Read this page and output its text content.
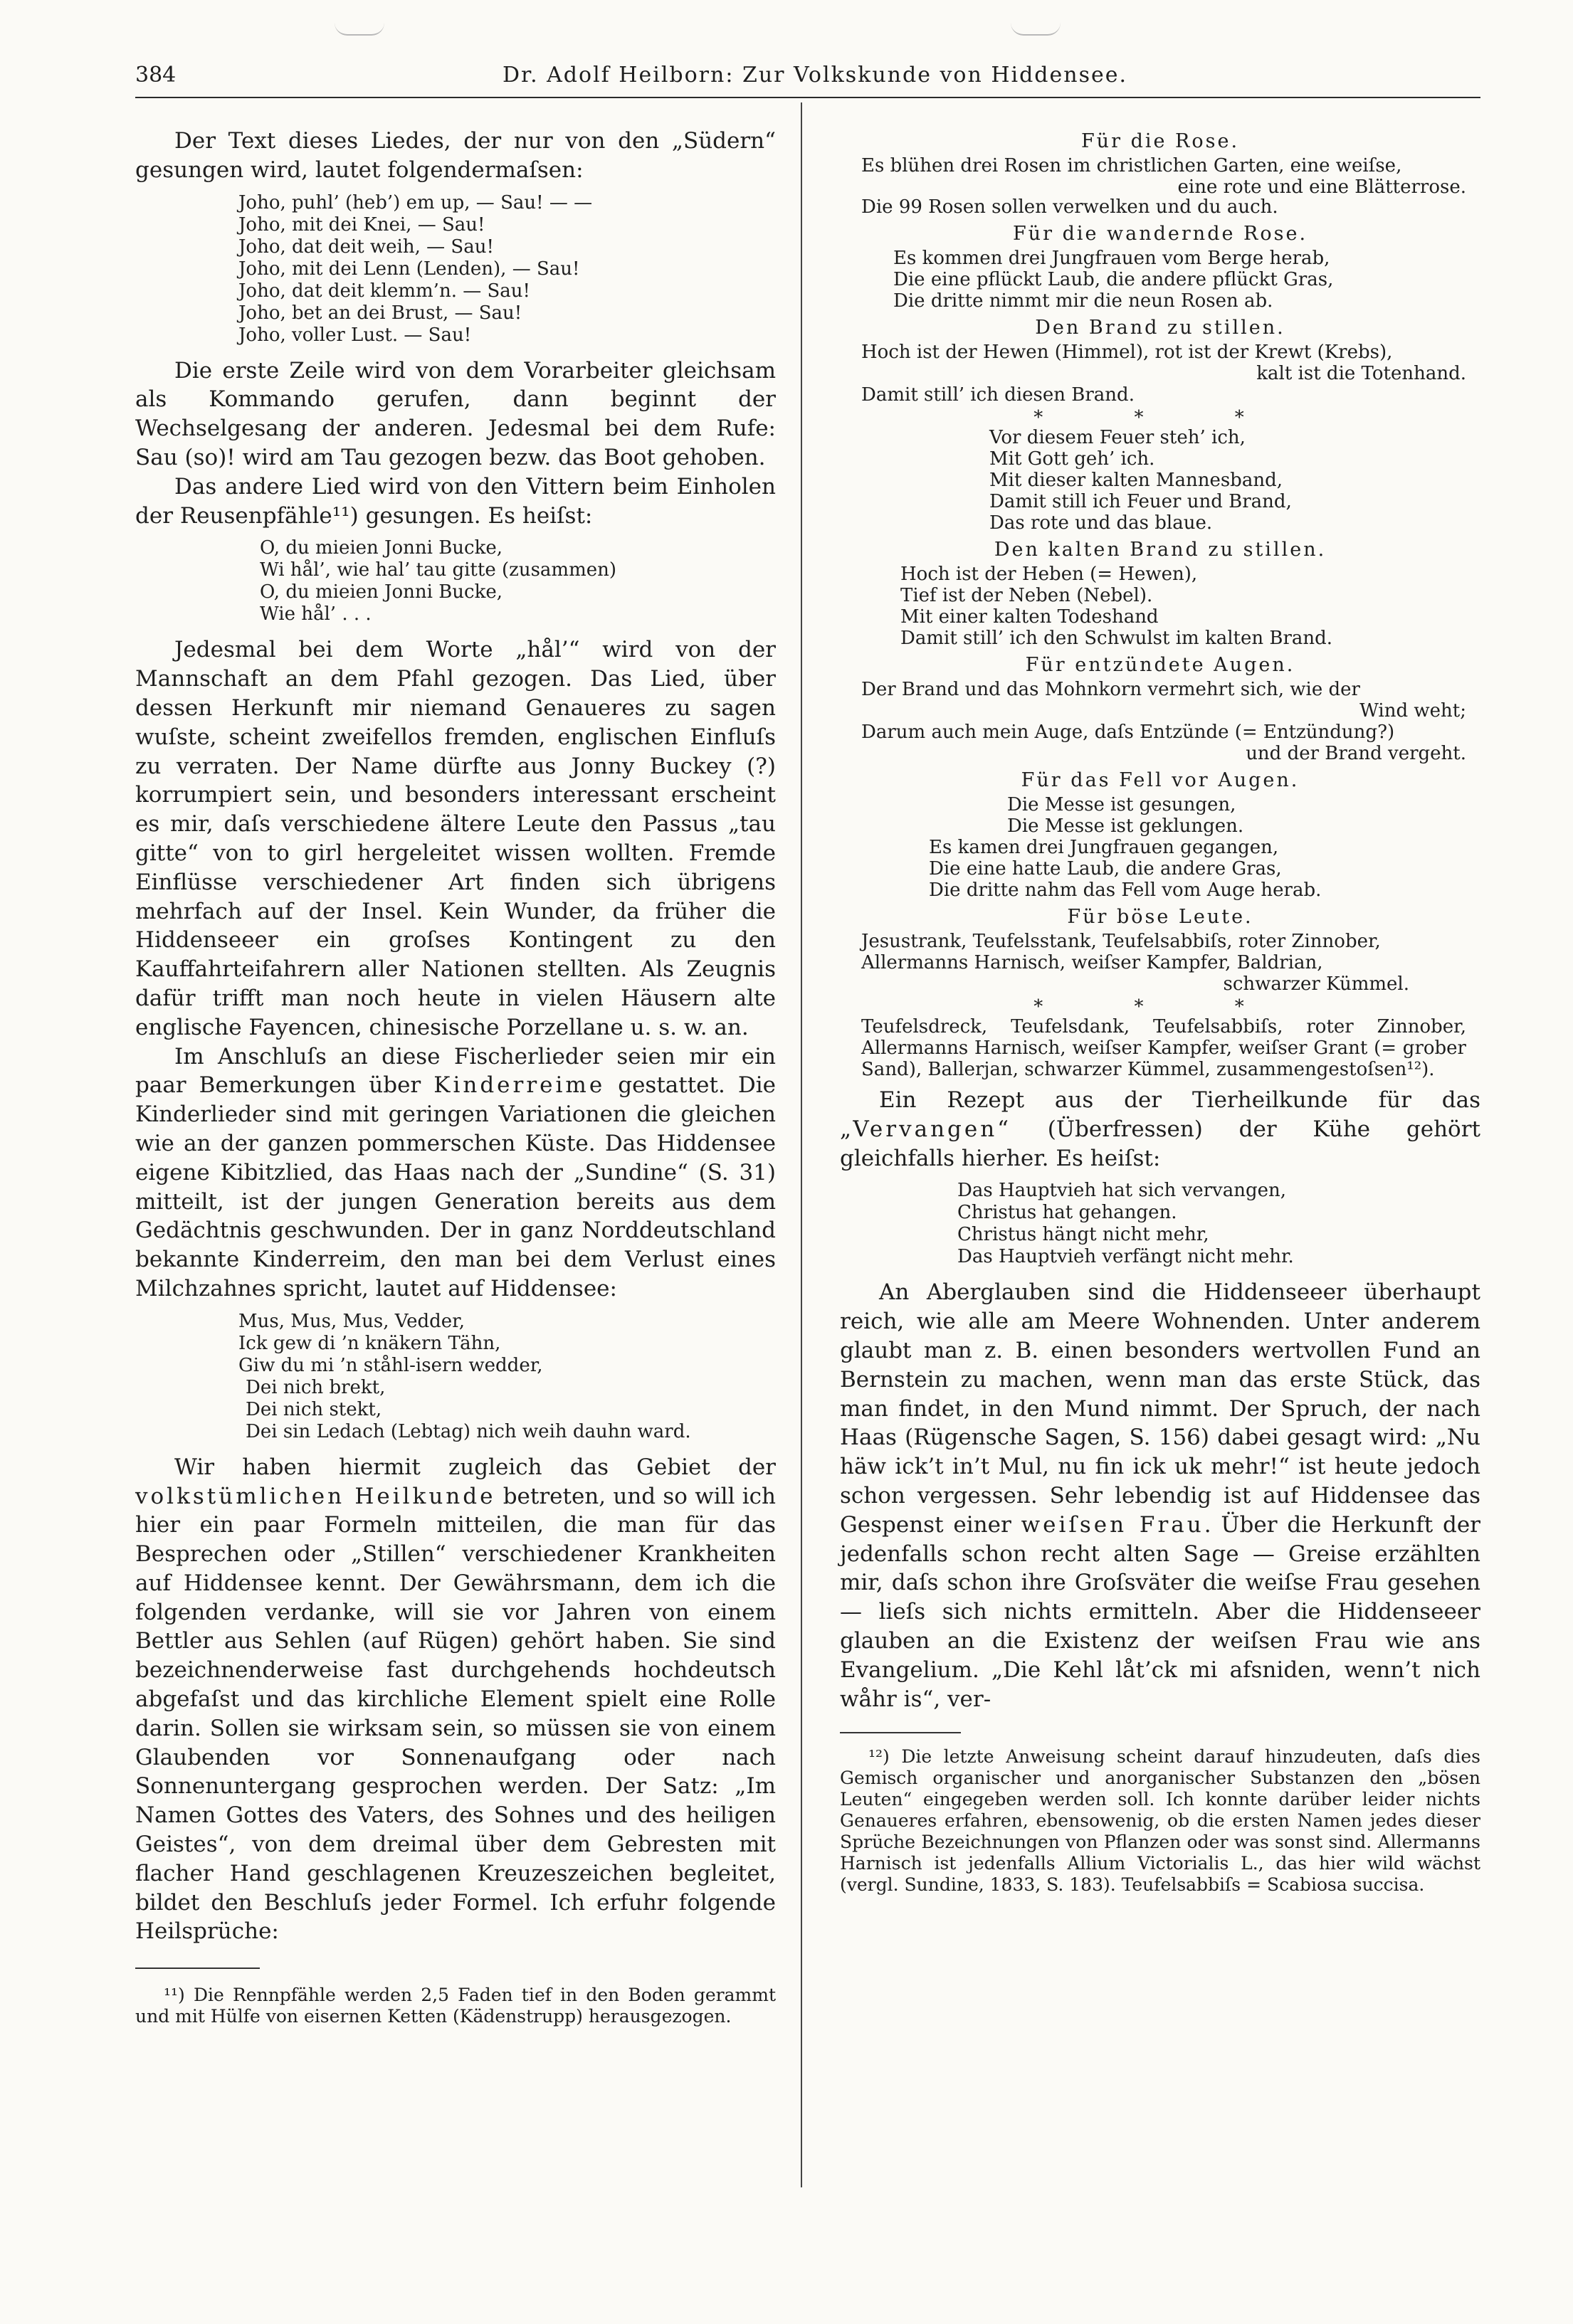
384	Dr. Adolf Heilborn: Zur Volkskunde von Hiddensee.

Der Text dieses Liedes, der nur von den „Südern“ gesungen wird, lautet folgendermaſsen:

Joho, puhl’ (heb’) em up, — Sau! — —
Joho, mit dei Knei, — Sau!
Joho, dat deit weih, — Sau!
Joho, mit dei Lenn (Lenden), — Sau!
Joho, dat deit klemm’n. — Sau!
Joho, bet an dei Brust, — Sau!
Joho, voller Lust. — Sau!

Die erste Zeile wird von dem Vorarbeiter gleichsam als Kommando gerufen, dann beginnt der Wechselgesang der anderen. Jedesmal bei dem Rufe: Sau (so)! wird am Tau gezogen bezw. das Boot gehoben.

Das andere Lied wird von den Vittern beim Einholen der Reusenpfähle¹¹) gesungen. Es heiſst:

O, du mieien Jonni Bucke,
Wi hål’, wie hal’ tau gitte (zusammen)
O, du mieien Jonni Bucke,
Wie hål’ . . .

Jedesmal bei dem Worte „hål’“ wird von der Mannschaft an dem Pfahl gezogen. Das Lied, über dessen Herkunft mir niemand Genaueres zu sagen wuſste, scheint zweifellos fremden, englischen Einfluſs zu verraten. Der Name dürfte aus Jonny Buckey (?) korrumpiert sein, und besonders interessant erscheint es mir, daſs verschiedene ältere Leute den Passus „tau gitte“ von to girl hergeleitet wissen wollten. Fremde Einflüsse verschiedener Art finden sich übrigens mehrfach auf der Insel. Kein Wunder, da früher die Hiddenseeer ein groſses Kontingent zu den Kauffahrteifahrern aller Nationen stellten. Als Zeugnis dafür trifft man noch heute in vielen Häusern alte englische Fayencen, chinesische Porzellane u. s. w. an.

Im Anschluſs an diese Fischerlieder seien mir ein paar Bemerkungen über Kinderreime gestattet. Die Kinderlieder sind mit geringen Variationen die gleichen wie an der ganzen pommerschen Küste. Das Hiddensee eigene Kibitzlied, das Haas nach der „Sundine“ (S. 31) mitteilt, ist der jungen Generation bereits aus dem Gedächtnis geschwunden. Der in ganz Norddeutschland bekannte Kinderreim, den man bei dem Verlust eines Milchzahnes spricht, lautet auf Hiddensee:

Mus, Mus, Mus, Vedder,
Ick gew di ’n knäkern Tähn,
Giw du mi ’n ståhl-isern wedder,
Dei nich brekt,
Dei nich stekt,
Dei sin Ledach (Lebtag) nich weih dauhn ward.

Wir haben hiermit zugleich das Gebiet der volkstümlichen Heilkunde betreten, und so will ich hier ein paar Formeln mitteilen, die man für das Besprechen oder „Stillen“ verschiedener Krankheiten auf Hiddensee kennt. Der Gewährsmann, dem ich die folgenden verdanke, will sie vor Jahren von einem Bettler aus Sehlen (auf Rügen) gehört haben. Sie sind bezeichnenderweise fast durchgehends hochdeutsch abgefaſst und das kirchliche Element spielt eine Rolle darin. Sollen sie wirksam sein, so müssen sie von einem Glaubenden vor Sonnenaufgang oder nach Sonnenuntergang gesprochen werden. Der Satz: „Im Namen Gottes des Vaters, des Sohnes und des heiligen Geistes“, von dem dreimal über dem Gebresten mit flacher Hand geschlagenen Kreuzeszeichen begleitet, bildet den Beschluſs jeder Formel. Ich erfuhr folgende Heilsprüche:

¹¹) Die Rennpfähle werden 2,5 Faden tief in den Boden gerammt und mit Hülfe von eisernen Ketten (Kädenstrupp) herausgezogen.

Für die Rose.
Es blühen drei Rosen im christlichen Garten, eine weiſse,
eine rote und eine Blätterrose.
Die 99 Rosen sollen verwelken und du auch.
Für die wandernde Rose.
Es kommen drei Jungfrauen vom Berge herab,
Die eine pflückt Laub, die andere pflückt Gras,
Die dritte nimmt mir die neun Rosen ab.
Den Brand zu stillen.
Hoch ist der Hewen (Himmel), rot ist der Krewt (Krebs),
kalt ist die Totenhand.
Damit still’ ich diesen Brand.
* * *
Vor diesem Feuer steh’ ich,
Mit Gott geh’ ich.
Mit dieser kalten Mannesband,
Damit still ich Feuer und Brand,
Das rote und das blaue.
Den kalten Brand zu stillen.
Hoch ist der Heben (= Hewen),
Tief ist der Neben (Nebel).
Mit einer kalten Todeshand
Damit still’ ich den Schwulst im kalten Brand.
Für entzündete Augen.
Der Brand und das Mohnkorn vermehrt sich, wie der
Wind weht;
Darum auch mein Auge, daſs Entzünde (= Entzündung?)
und der Brand vergeht.
Für das Fell vor Augen.
Die Messe ist gesungen,
Die Messe ist geklungen.
Es kamen drei Jungfrauen gegangen,
Die eine hatte Laub, die andere Gras,
Die dritte nahm das Fell vom Auge herab.
Für böse Leute.
Jesustrank, Teufelsstank, Teufelsabbiſs, roter Zinnober,
Allermanns Harnisch, weiſser Kampfer, Baldrian,
schwarzer Kümmel.
* * *
Teufelsdreck, Teufelsdank, Teufelsabbiſs, roter Zinnober, Allermanns Harnisch, weiſser Kampfer, weiſser Grant (= grober Sand), Ballerjan, schwarzer Kümmel, zusammengestoſsen¹²).

Ein Rezept aus der Tierheilkunde für das „Vervangen“ (Überfressen) der Kühe gehört gleichfalls hierher. Es heiſst:

Das Hauptvieh hat sich vervangen,
Christus hat gehangen.
Christus hängt nicht mehr,
Das Hauptvieh verfängt nicht mehr.

An Aberglauben sind die Hiddenseeer überhaupt reich, wie alle am Meere Wohnenden. Unter anderem glaubt man z. B. einen besonders wertvollen Fund an Bernstein zu machen, wenn man das erste Stück, das man findet, in den Mund nimmt. Der Spruch, der nach Haas (Rügensche Sagen, S. 156) dabei gesagt wird: „Nu häw ick’t in’t Mul, nu fin ick uk mehr!“ ist heute jedoch schon vergessen. Sehr lebendig ist auf Hiddensee das Gespenst einer weiſsen Frau. Über die Herkunft der jedenfalls schon recht alten Sage — Greise erzählten mir, daſs schon ihre Groſsväter die weiſse Frau gesehen — lieſs sich nichts ermitteln. Aber die Hiddenseeer glauben an die Existenz der weiſsen Frau wie ans Evangelium. „Die Kehl låt’ck mi afsniden, wenn’t nich wåhr is“, ver-

¹²) Die letzte Anweisung scheint darauf hinzudeuten, daſs dies Gemisch organischer und anorganischer Substanzen den „bösen Leuten“ eingegeben werden soll. Ich konnte darüber leider nichts Genaueres erfahren, ebensowenig, ob die ersten Namen jedes dieser Sprüche Bezeichnungen von Pflanzen oder was sonst sind. Allermanns Harnisch ist jedenfalls Allium Victorialis L., das hier wild wächst (vergl. Sundine, 1833, S. 183). Teufelsabbiſs = Scabiosa succisa.
